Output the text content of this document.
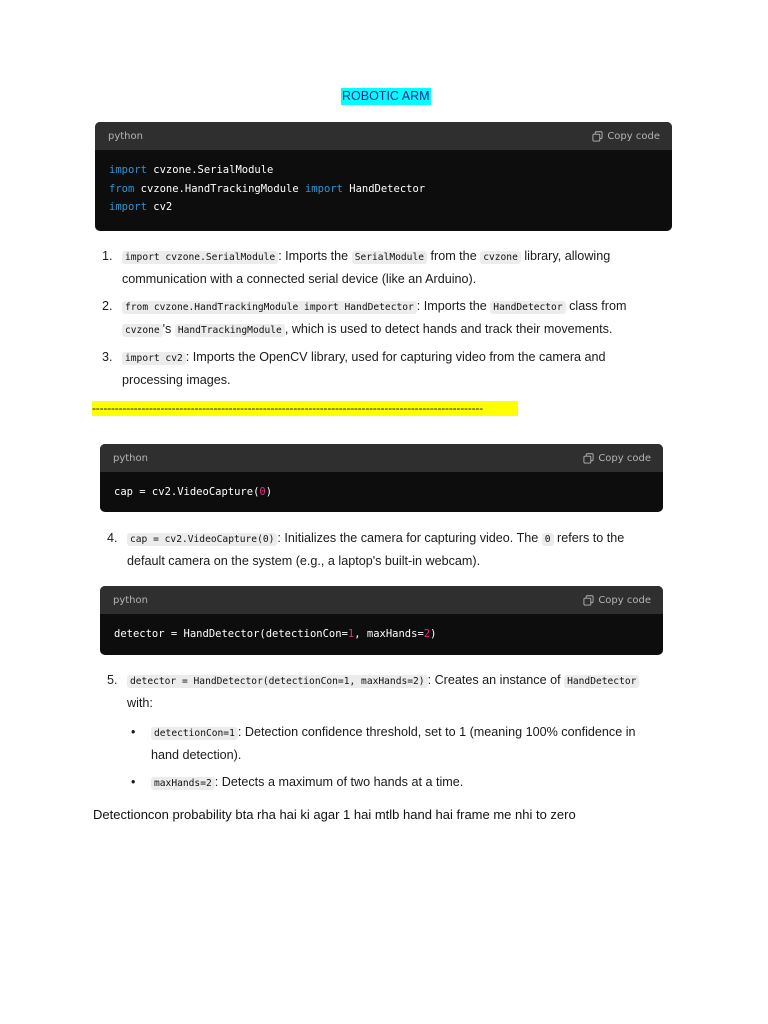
ROBOTIC ARM
python	Copy code
import cvzone.SerialModule
from cvzone.HandTrackingModule import HandDetector
import cv2
1. import cvzone.SerialModule : Imports the SerialModule from the cvzone library, allowing
communication with a connected serial device (like an Arduino).
2. from cvzone.HandTrackingModule import HandDetector : Imports the HandDetector class from
cvzone 's HandTrackingModule , which is used to detect hands and track their movements.
3. import cv2 : Imports the OpenCV library, used for capturing video from the camera and
processing images.
-------------------------------------------------------------------------------------------------------
python	Copy code
cap = cv2.VideoCapture(0)
4. cap = cv2.VideoCapture(0) : Initializes the camera for capturing video. The 0 refers to the
default camera on the system (e.g., a laptop's built-in webcam).
python	Copy code
detector = HandDetector(detectionCon=1, maxHands=2)
5. detector = HandDetector(detectionCon=1, maxHands=2) : Creates an instance of HandDetector
with:
• detectionCon=1 : Detection confidence threshold, set to 1 (meaning 100% confidence in
hand detection).
• maxHands=2 : Detects a maximum of two hands at a time.
Detectioncon probability bta rha hai ki agar 1 hai mtlb hand hai frame me nhi to zero
